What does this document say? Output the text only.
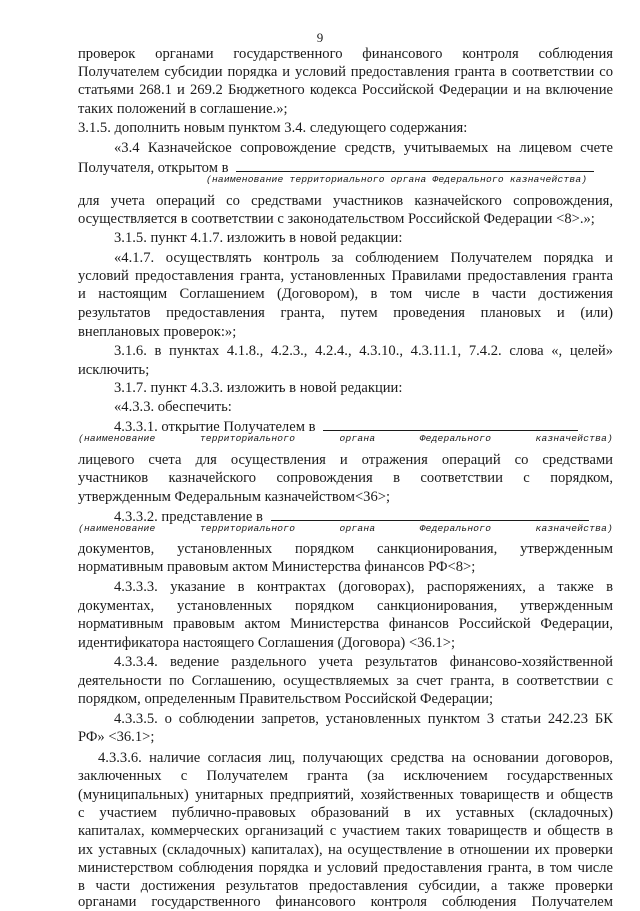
9
проверок органами государственного финансового контроля соблюдения
Получателем субсидии порядка и условий предоставления гранта в соответствии со
статьями 268.1 и 269.2 Бюджетного кодекса Российской Федерации и на включение
таких положений в соглашение.»;
3.1.5. дополнить новым пунктом 3.4. следующего содержания:
«3.4 Казначейское сопровождение средств, учитываемых на лицевом счете
Получателя, открытом в
(наименование территориального органа Федерального казначейства)
для учета операций со средствами участников казначейского сопровождения,
осуществляется в соответствии с законодательством Российской Федерации <8>.»;
3.1.5. пункт 4.1.7. изложить в новой редакции:
«4.1.7. осуществлять контроль за соблюдением Получателем порядка и
условий предоставления гранта, установленных Правилами предоставления гранта
и настоящим Соглашением (Договором), в том числе в части достижения
результатов предоставления гранта, путем проведения плановых и (или)
внеплановых проверок:»;
3.1.6. в пунктах 4.1.8., 4.2.3., 4.2.4., 4.3.10., 4.3.11.1, 7.4.2. слова «, целей»
исключить;
3.1.7. пункт 4.3.3. изложить в новой редакции:
«4.3.3. обеспечить:
4.3.3.1. открытие Получателем в
(наименование территориального органа Федерального казначейства)
лицевого счета для осуществления и отражения операций со средствами
участников казначейского сопровождения в соответствии с порядком,
утвержденным Федеральным казначейством<36>;
4.3.3.2. представление в
(наименование территориального органа Федерального казначейства)
документов, установленных порядком санкционирования, утвержденным
нормативным правовым актом Министерства финансов РФ<8>;
4.3.3.3. указание в контрактах (договорах), распоряжениях, а также в
документах, установленных порядком санкционирования, утвержденным
нормативным правовым актом Министерства финансов Российской Федерации,
идентификатора настоящего Соглашения (Договора) <36.1>;
4.3.3.4. ведение раздельного учета результатов финансово-хозяйственной
деятельности по Соглашению, осуществляемых за счет гранта, в соответствии с
порядком, определенным Правительством Российской Федерации;
4.3.3.5. о соблюдении запретов, установленных пунктом 3 статьи 242.23 БК
РФ» <36.1>;
4.3.3.6. наличие согласия лиц, получающих средства на основании договоров,
заключенных с Получателем гранта (за исключением государственных
(муниципальных) унитарных предприятий, хозяйственных товариществ и обществ
с участием публично-правовых образований в их уставных (складочных)
капиталах, коммерческих организаций с участием таких товариществ и обществ в
их уставных (складочных) капиталах), на осуществление в отношении их проверки
министерством соблюдения порядка и условий предоставления гранта, в том числе
в части достижения результатов предоставления субсидии, а также проверки
органами государственного финансового контроля соблюдения Получателем
